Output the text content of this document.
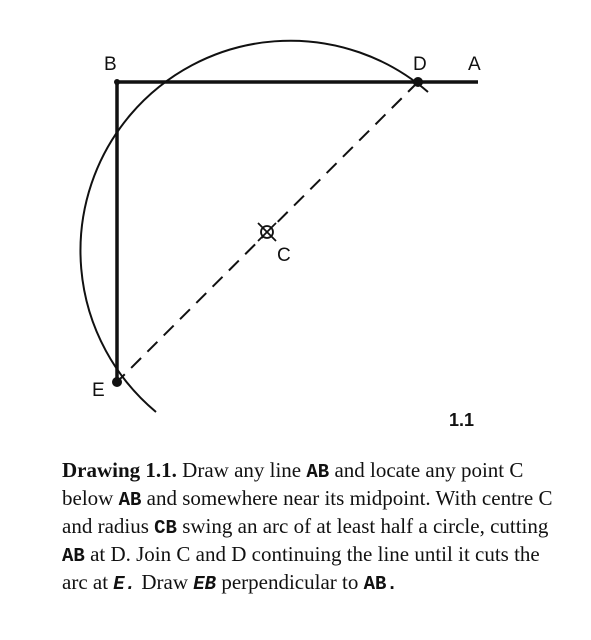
B	D A
C
E
1.1

Drawing 1.1. Draw any line AB and locate any point C below AB and somewhere near its midpoint. With centre C and radius CB swing an arc of at least half a circle, cutting AB at D. Join C and D continuing the line until it cuts the arc at E. Draw EB perpendicular to AB.
